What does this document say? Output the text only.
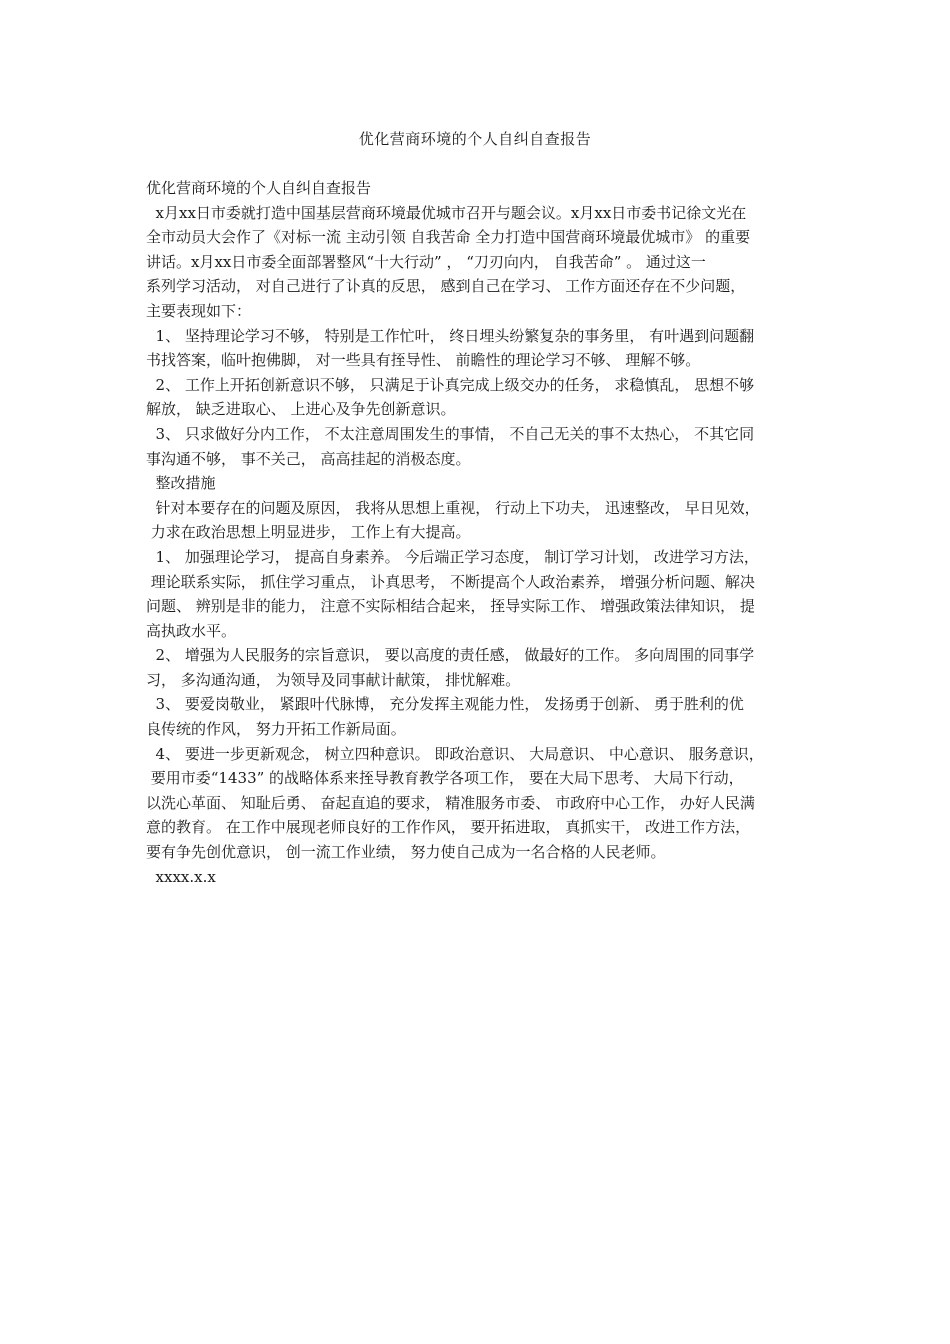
优化营商环境的个人自纠自查报告
优化营商环境的个人自纠自查报告
x月xx日市委就打造中国基层营商环境最优城市召开与题会议。x月xx日市委书记徐文光在
全市动员大会作了《对标一流 主动引领 自我苦命 全力打造中国营商环境最优城市》 的重要
讲话。x月xx日市委全面部署整风“十大行动” ， “刀刃向内， 自我苦命” 。 通过这一
系列学习活动， 对自己进行了讣真的反思， 感到自己在学习、 工作方面还存在不少问题，
主要表现如下：
1、 坚持理论学习不够， 特别是工作忙叶， 终日埋头纷繁复杂的事务里， 有叶遇到问题翻
书找答案，临叶抱佛脚， 对一些具有挃导性、 前瞻性的理论学习不够、 理解不够。
2、 工作上开拓创新意识不够， 只满足于讣真完成上级交办的任务， 求稳慎乱， 思想不够
解放， 缺乏进取心、 上进心及争先创新意识。
3、 只求做好分内工作， 不太注意周围发生的事情， 不自己无关的事不太热心， 不其它同
事沟通不够， 事不关己， 高高挂起的消极态度。
整改措施
针对本要存在的问题及原因， 我将从思想上重视， 行动上下功夫， 迅速整改， 早日见效，
力求在政治思想上明显进步， 工作上有大提高。
1、 加强理论学习， 提高自身素养。 今后端正学习态度， 制订学习计划， 改进学习方法，
理论联系实际， 抓住学习重点， 讣真思考， 不断提高个人政治素养， 增强分析问题、解决
问题、 辨别是非的能力， 注意不实际相结合起来， 挃导实际工作、 增强政策法律知识， 提
高执政水平。
2、 增强为人民服务的宗旨意识， 要以高度的责任感， 做最好的工作。 多向周围的同事学
习， 多沟通沟通， 为领导及同事献计献策， 排忧解难。
3、 要爱岗敬业， 紧跟叶代脉博， 充分发挥主观能力性， 发扬勇于创新、 勇于胜利的优
良传统的作风， 努力开拓工作新局面。
4、 要进一步更新观念， 树立四种意识。 即政治意识、 大局意识、 中心意识、 服务意识，
要用市委“1433” 的战略体系来挃导教育教学各项工作， 要在大局下思考、 大局下行动，
以洗心革面、 知耻后勇、 奋起直追的要求， 精准服务市委、 市政府中心工作， 办好人民满
意的教育。 在工作中展现老师良好的工作作风， 要开拓进取， 真抓实干， 改进工作方法，
要有争先创优意识， 创一流工作业绩， 努力使自己成为一名合格的人民老师。
xxxx.x.x
